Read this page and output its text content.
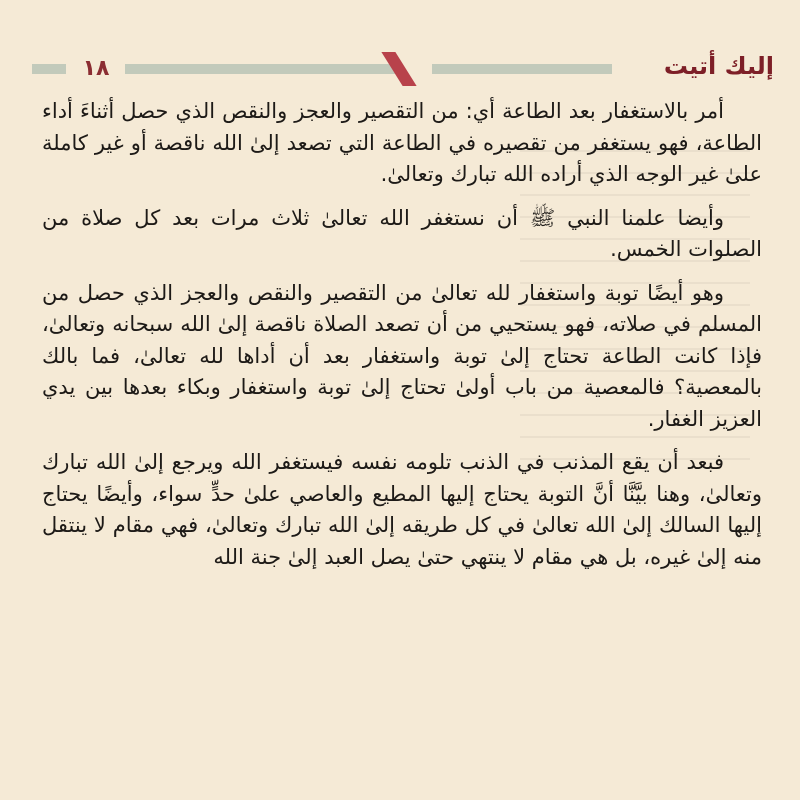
١٨	إليك أتيت

أمر بالاستغفار بعد الطاعة أي: من التقصير والعجز والنقص الذي حصل أثناءَ أداء الطاعة، فهو يستغفر من تقصيره في الطاعة التي تصعد إلىٰ الله ناقصة أو غير كاملة علىٰ غير الوجه الذي أراده الله تبارك وتعالىٰ.

وأيضا علمنا النبي ﷺ أن نستغفر الله تعالىٰ ثلاث مرات بعد كل صلاة من الصلوات الخمس.

وهو أيضًا توبة واستغفار لله تعالىٰ من التقصير والنقص والعجز الذي حصل من المسلم في صلاته، فهو يستحيي من أن تصعد الصلاة ناقصة إلىٰ الله سبحانه وتعالىٰ، فإذا كانت الطاعة تحتاج إلىٰ توبة واستغفار بعد أن أداها لله تعالىٰ، فما بالك بالمعصية؟ فالمعصية من باب أولىٰ تحتاج إلىٰ توبة واستغفار وبكاء بعدها بين يدي العزيز الغفار.

فبعد أن يقع المذنب في الذنب تلومه نفسه فيستغفر الله ويرجع إلىٰ الله تبارك وتعالىٰ، وهنا بيَّنَّا أنَّ التوبة يحتاج إليها المطيع والعاصي علىٰ حدٍّ سواء، وأيضًا يحتاج إليها السالك إلىٰ الله تعالىٰ في كل طريقه إلىٰ الله تبارك وتعالىٰ، فهي مقام لا ينتقل منه إلىٰ غيره، بل هي مقام لا ينتهي حتىٰ يصل العبد إلىٰ جنة الله
